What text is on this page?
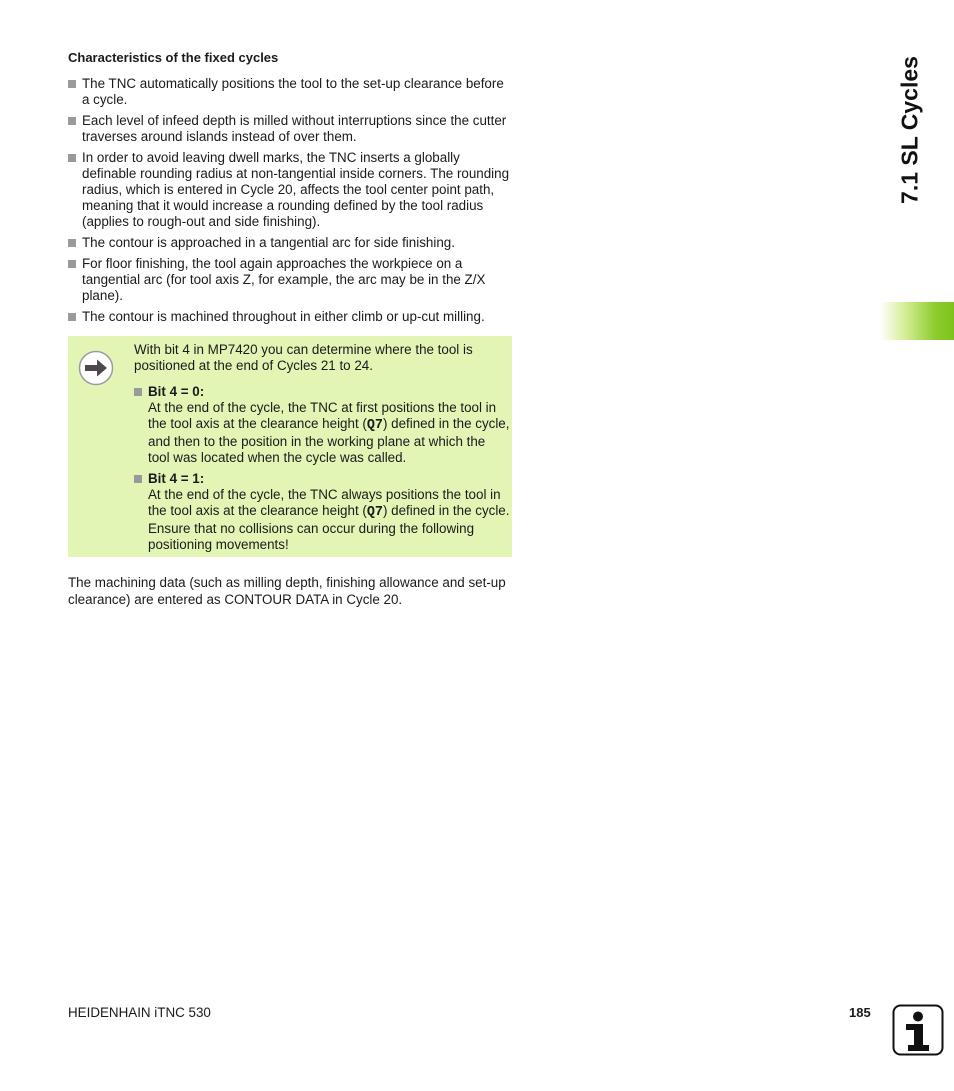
Characteristics of the fixed cycles
The TNC automatically positions the tool to the set-up clearance before a cycle.
Each level of infeed depth is milled without interruptions since the cutter traverses around islands instead of over them.
In order to avoid leaving dwell marks, the TNC inserts a globally definable rounding radius at non-tangential inside corners. The rounding radius, which is entered in Cycle 20, affects the tool center point path, meaning that it would increase a rounding defined by the tool radius (applies to rough-out and side finishing).
The contour is approached in a tangential arc for side finishing.
For floor finishing, the tool again approaches the workpiece on a tangential arc (for tool axis Z, for example, the arc may be in the Z/X plane).
The contour is machined throughout in either climb or up-cut milling.

With bit 4 in MP7420 you can determine where the tool is positioned at the end of Cycles 21 to 24.

Bit 4 = 0:
At the end of the cycle, the TNC at first positions the tool in the tool axis at the clearance height (Q7) defined in the cycle, and then to the position in the working plane at which the tool was located when the cycle was called.
Bit 4 = 1:
At the end of the cycle, the TNC always positions the tool in the tool axis at the clearance height (Q7) defined in the cycle. Ensure that no collisions can occur during the following positioning movements!

The machining data (such as milling depth, finishing allowance and set-up clearance) are entered as CONTOUR DATA in Cycle 20.

7.1 SL Cycles
HEIDENHAIN iTNC 530	185
